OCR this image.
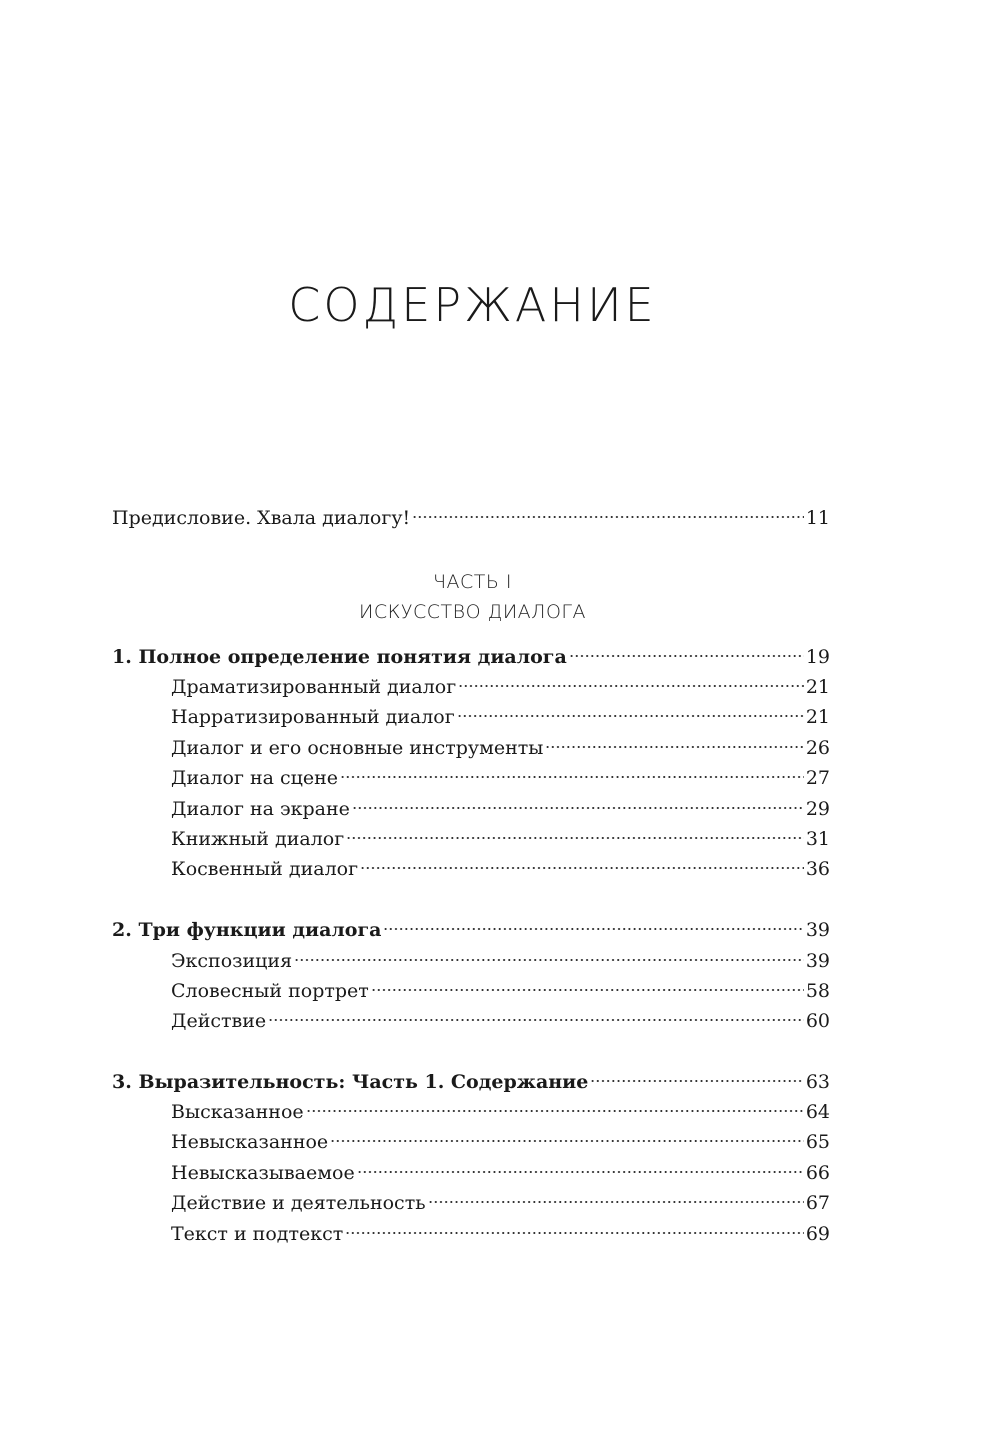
СОДЕРЖАНИЕ
ЧАСТЬ I
ИСКУССТВО ДИАЛОГА
Предисловие. Хвала диалогу!	11
1. Полное определение понятия диалога	19
Драматизированный диалог	21
Нарратизированный диалог	21
Диалог и его основные инструменты	26
Диалог на сцене	27
Диалог на экране	29
Книжный диалог	31
Косвенный диалог	36
2. Три функции диалога	39
Экспозиция	39
Словесный портрет	58
Действие	60
3. Выразительность: Часть 1. Содержание	63
Высказанное	64
Невысказанное	65
Невысказываемое	66
Действие и деятельность	67
Текст и подтекст	69
